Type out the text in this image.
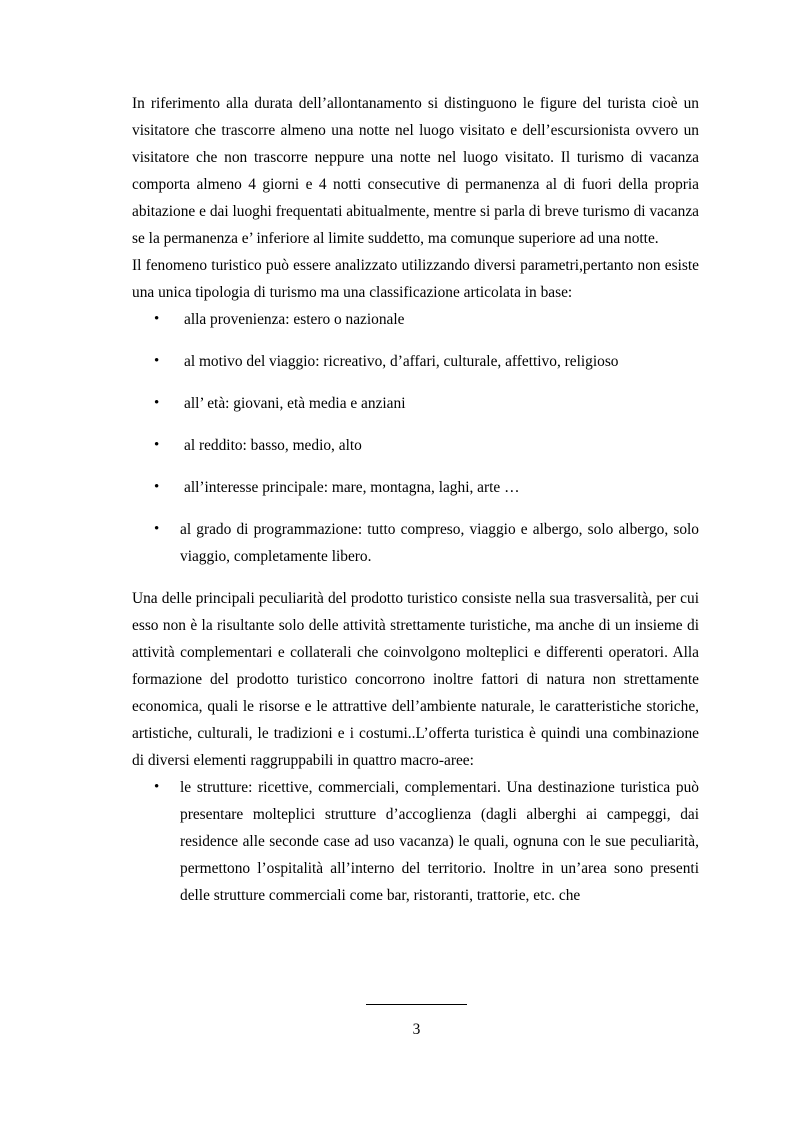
In riferimento alla durata dell’allontanamento si distinguono le figure del turista cioè un visitatore che trascorre almeno una notte nel luogo visitato e dell’escursionista ovvero un visitatore che non trascorre neppure una notte nel luogo visitato. Il turismo di vacanza comporta almeno 4 giorni e 4 notti consecutive di permanenza al di fuori della propria abitazione e dai luoghi frequentati abitualmente, mentre si parla di breve turismo di vacanza se la permanenza e’ inferiore al limite suddetto, ma comunque superiore ad una notte.

Il fenomeno turistico può essere analizzato utilizzando diversi parametri,pertanto non esiste una unica tipologia di turismo ma una classificazione articolata in base:

• alla provenienza: estero o nazionale
• al motivo del viaggio: ricreativo, d’affari, culturale, affettivo, religioso
• all’ età: giovani, età media e anziani
• al reddito: basso, medio, alto
• all’interesse principale: mare, montagna, laghi, arte …
• al grado di programmazione: tutto compreso, viaggio e albergo, solo albergo, solo viaggio, completamente libero.

Una delle principali peculiarità del prodotto turistico consiste nella sua trasversalità, per cui esso non è la risultante solo delle attività strettamente turistiche, ma anche di un insieme di attività complementari e collaterali che coinvolgono molteplici e differenti operatori. Alla formazione del prodotto turistico concorrono inoltre fattori di natura non strettamente economica, quali le risorse e le attrattive dell’ambiente naturale, le caratteristiche storiche, artistiche, culturali, le tradizioni e i costumi..L’offerta turistica è quindi una combinazione di diversi elementi raggruppabili in quattro macro-aree:

• le strutture: ricettive, commerciali, complementari. Una destinazione turistica può presentare molteplici strutture d’accoglienza (dagli alberghi ai campeggi, dai residence alle seconde case ad uso vacanza) le quali, ognuna con le sue peculiarità, permettono l’ospitalità all’interno del territorio. Inoltre in un’area sono presenti delle strutture commerciali come bar, ristoranti, trattorie, etc. che
3
